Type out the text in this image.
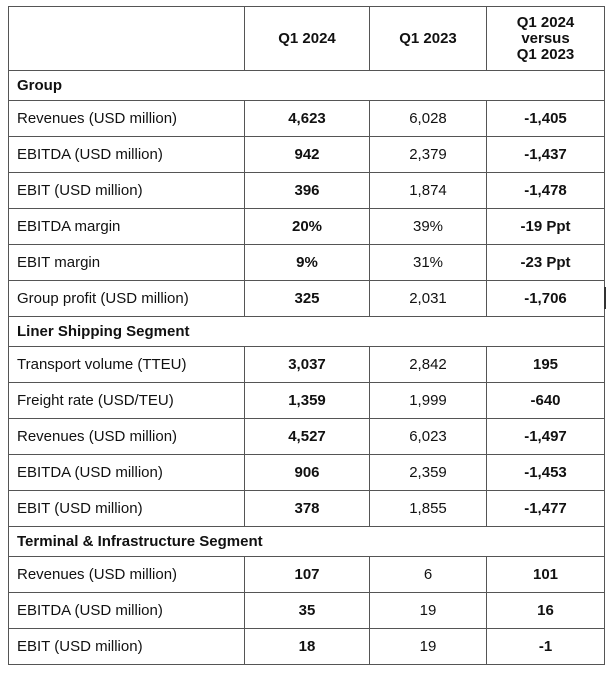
	Q1 2024	Q1 2023	Q1 2024
versus
Q1 2023

Group			
Revenues (USD million)	4,623	6,028	-1,405
EBITDA (USD million)	942	2,379	-1,437
EBIT (USD million)	396	1,874	-1,478
EBITDA margin	20%	39%	-19 Ppt
EBIT margin	9%	31%	-23 Ppt
Group profit (USD million)	325	2,031	-1,706
Liner Shipping Segment			
Transport volume (TTEU)	3,037	2,842	195
Freight rate (USD/TEU)	1,359	1,999	-640
Revenues (USD million)	4,527	6,023	-1,497
EBITDA (USD million)	906	2,359	-1,453
EBIT (USD million)	378	1,855	-1,477
Terminal & Infrastructure Segment			
Revenues (USD million)	107	6	101
EBITDA (USD million)	35	19	16
EBIT (USD million)	18	19	-1
